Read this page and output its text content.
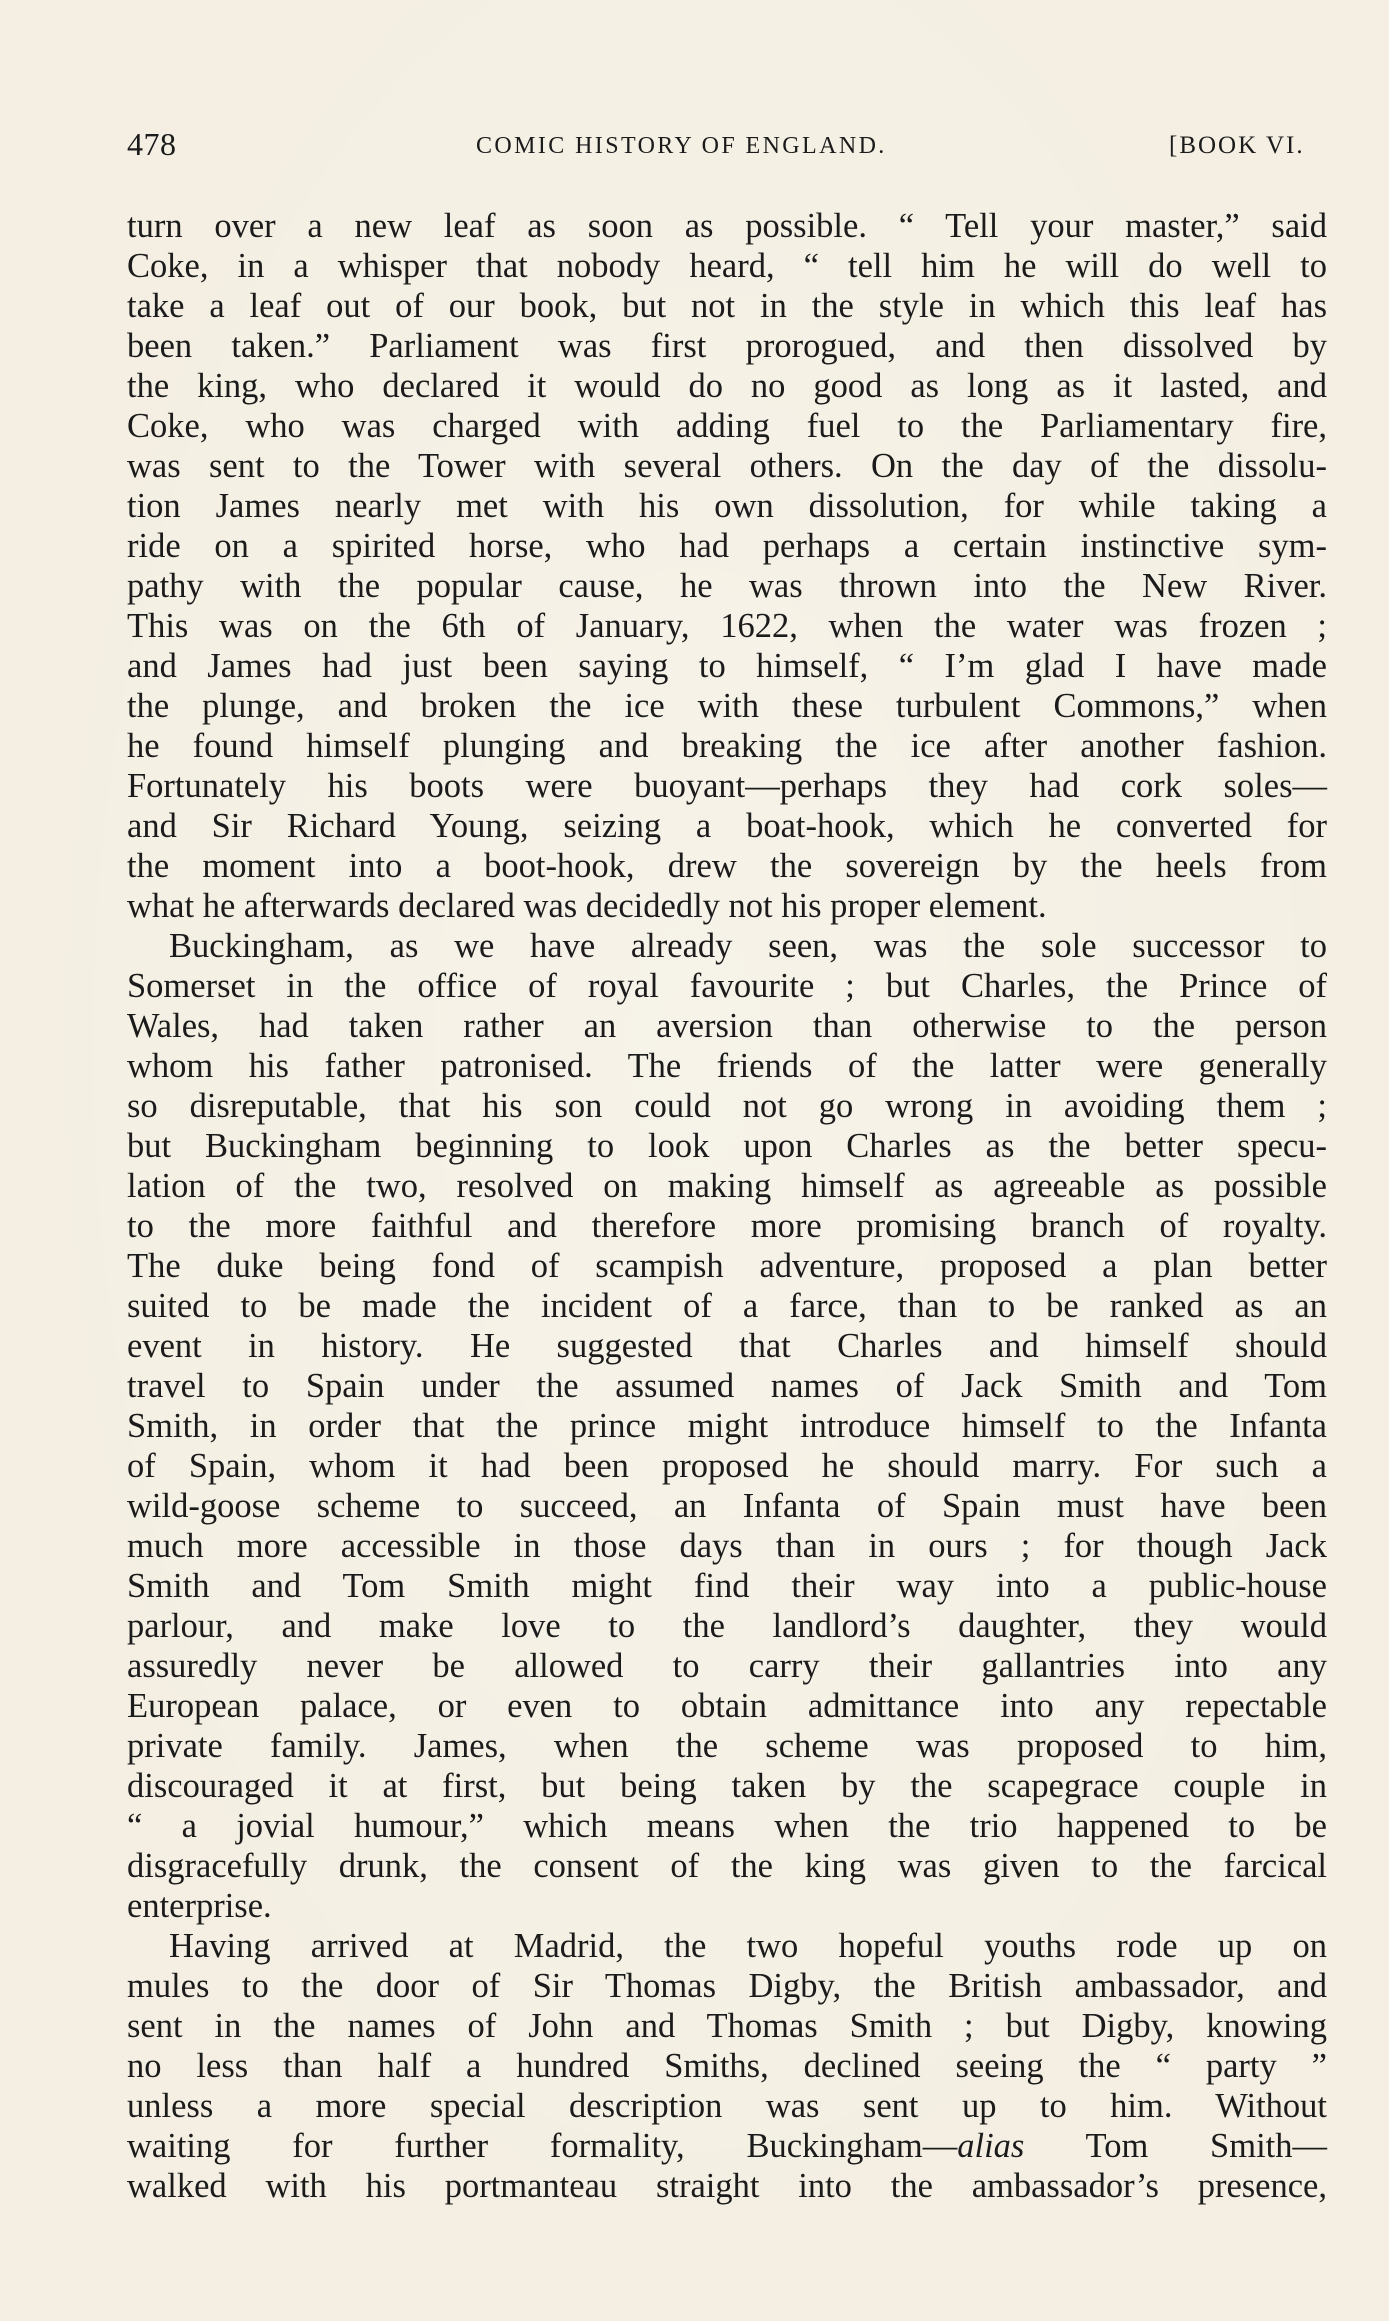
478	COMIC HISTORY OF ENGLAND.	[BOOK VI.
turn over a new leaf as soon as possible. “ Tell your master,” said
Coke, in a whisper that nobody heard, “ tell him he will do well to
take a leaf out of our book, but not in the style in which this leaf has
been taken.” Parliament was first prorogued, and then dissolved by
the king, who declared it would do no good as long as it lasted, and
Coke, who was charged with adding fuel to the Parliamentary fire,
was sent to the Tower with several others. On the day of the dissolu-
tion James nearly met with his own dissolution, for while taking a
ride on a spirited horse, who had perhaps a certain instinctive sym-
pathy with the popular cause, he was thrown into the New River.
This was on the 6th of January, 1622, when the water was frozen ;
and James had just been saying to himself, “ I’m glad I have made
the plunge, and broken the ice with these turbulent Commons,” when
he found himself plunging and breaking the ice after another fashion.
Fortunately his boots were buoyant—perhaps they had cork soles—
and Sir Richard Young, seizing a boat-hook, which he converted for
the moment into a boot-hook, drew the sovereign by the heels from
what he afterwards declared was decidedly not his proper element.
Buckingham, as we have already seen, was the sole successor to
Somerset in the office of royal favourite ; but Charles, the Prince of
Wales, had taken rather an aversion than otherwise to the person
whom his father patronised. The friends of the latter were generally
so disreputable, that his son could not go wrong in avoiding them ;
but Buckingham beginning to look upon Charles as the better specu-
lation of the two, resolved on making himself as agreeable as possible
to the more faithful and therefore more promising branch of royalty.
The duke being fond of scampish adventure, proposed a plan better
suited to be made the incident of a farce, than to be ranked as an
event in history. He suggested that Charles and himself should
travel to Spain under the assumed names of Jack Smith and Tom
Smith, in order that the prince might introduce himself to the Infanta
of Spain, whom it had been proposed he should marry. For such a
wild-goose scheme to succeed, an Infanta of Spain must have been
much more accessible in those days than in ours ; for though Jack
Smith and Tom Smith might find their way into a public-house
parlour, and make love to the landlord’s daughter, they would
assuredly never be allowed to carry their gallantries into any
European palace, or even to obtain admittance into any repectable
private family. James, when the scheme was proposed to him,
discouraged it at first, but being taken by the scapegrace couple in
“ a jovial humour,” which means when the trio happened to be
disgracefully drunk, the consent of the king was given to the farcical
enterprise.
Having arrived at Madrid, the two hopeful youths rode up on
mules to the door of Sir Thomas Digby, the British ambassador, and
sent in the names of John and Thomas Smith ; but Digby, knowing
no less than half a hundred Smiths, declined seeing the “ party ”
unless a more special description was sent up to him. Without
waiting for further formality, Buckingham—alias Tom Smith—
walked with his portmanteau straight into the ambassador’s presence,
